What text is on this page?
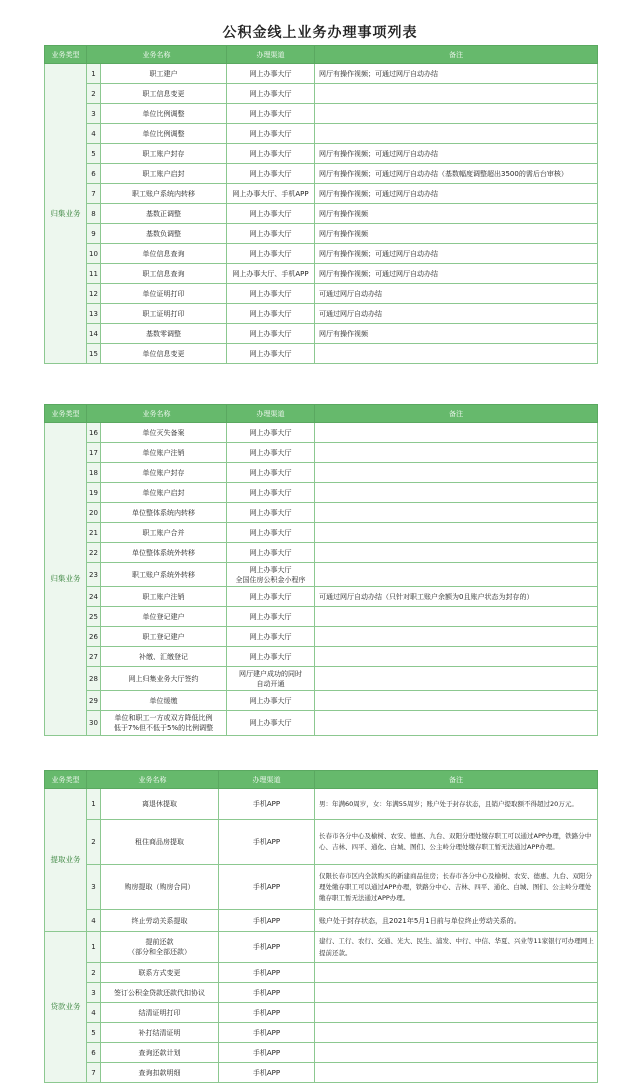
公积金线上业务办理事项列表
业务类型	业务名称		办理渠道	备注
归集业务	1	职工建户	网上办事大厅	网厅有操作视频；可通过网厅自动办结
	2	职工信息变更	网上办事大厅	
	3	单位比例调整	网上办事大厅	
	4	单位比例调整	网上办事大厅	
	5	职工账户封存	网上办事大厅	网厅有操作视频；可通过网厅自动办结
	6	职工账户启封	网上办事大厅	网厅有操作视频；可通过网厅自动办结（基数幅度调整超出3500的需后台审核）
	7	职工账户系统内转移	网上办事大厅、手机APP	网厅有操作视频；可通过网厅自动办结
	8	基数正调整	网上办事大厅	网厅有操作视频
	9	基数负调整	网上办事大厅	网厅有操作视频
	10	单位信息查询	网上办事大厅	网厅有操作视频；可通过网厅自动办结
	11	职工信息查询	网上办事大厅、手机APP	网厅有操作视频；可通过网厅自动办结
	12	单位证明打印	网上办事大厅	可通过网厅自动办结
	13	职工证明打印	网上办事大厅	可通过网厅自动办结
	14	基数零调整	网上办事大厅	网厅有操作视频
	15	单位信息变更	网上办事大厅	
业务类型	业务名称		办理渠道	备注
归集业务	16	单位灭失备案	网上办事大厅	
	17	单位账户注销	网上办事大厅	
	18	单位账户封存	网上办事大厅	
	19	单位账户启封	网上办事大厅	
	20	单位整体系统内转移	网上办事大厅	
	21	职工账户合并	网上办事大厅	
	22	单位整体系统外转移	网上办事大厅	
	23	职工账户系统外转移	网上办事大厅
全国住房公积金小程序	
	24	职工账户注销	网上办事大厅	可通过网厅自动办结（只针对职工账户余额为0且账户状态为封存的）
	25	单位登记建户	网上办事大厅	
	26	职工登记建户	网上办事大厅	
	27	补缴、汇缴登记	网上办事大厅	
	28	网上归集业务大厅签约	网厅建户成功的同时
自动开通	
	29	单位缓缴	网上办事大厅	
	30	单位和职工一方或双方降低比例
低于7%但不低于5%的比例调整	网上办事大厅	
业务类型	业务名称		办理渠道	备注
提取业务	1	离退休提取	手机APP	男：年满60周岁，女：年满55周岁；账户处于封存状态，且销户提取额不得超过20万元。
	2	租住商品房提取	手机APP	长春市各分中心及榆树、农安、德惠、九台、双阳分理处缴存职工可以通过APP办理，铁路分中心、吉林、四平、通化、白城、图们、公主岭分理处缴存职工暂无法通过APP办理。
	3	购房提取（购房合同）	手机APP	仅限长春市区内全款购买的新建商品住房；长春市各分中心及榆树、农安、德惠、九台、双阳分理处缴存职工可以通过APP办理，铁路分中心、吉林、四平、通化、白城、图们、公主岭分理处缴存职工暂无法通过APP办理。
	4	终止劳动关系提取	手机APP	账户处于封存状态，且2021年5月1日前与单位终止劳动关系的。
贷款业务	1	提前还款
（部分和全部还款）	手机APP	建行、工行、农行、交通、光大、民生、浦发、中行、中信、华夏、兴业等11家银行可办理网上提前还款。
	2	联系方式变更	手机APP	
	3	签订公积金贷款还款代扣协议	手机APP	
	4	结清证明打印	手机APP	
	5	补打结清证明	手机APP	
	6	查询还款计划	手机APP	
	7	查询扣款明细	手机APP	
